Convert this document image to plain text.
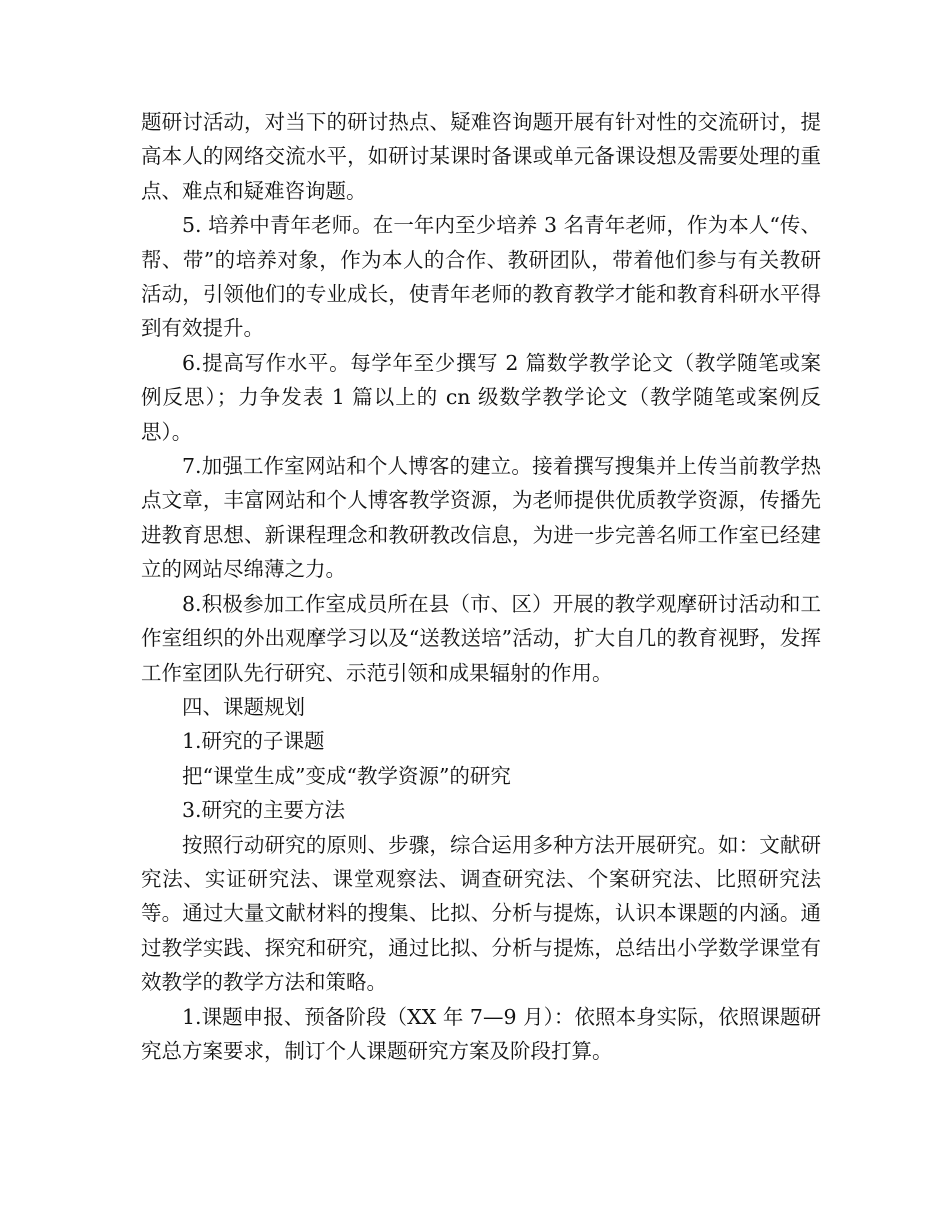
题研讨活动，对当下的研讨热点、疑难咨询题开展有针对性的交流研讨，提高本人的网络交流水平，如研讨某课时备课或单元备课设想及需要处理的重点、难点和疑难咨询题。

5. 培养中青年老师。在一年内至少培养 3 名青年老师，作为本人“传、帮、带”的培养对象，作为本人的合作、教研团队，带着他们参与有关教研活动，引领他们的专业成长，使青年老师的教育教学才能和教育科研水平得到有效提升。

6.提高写作水平。每学年至少撰写 2 篇数学教学论文（教学随笔或案例反思）；力争发表 1 篇以上的 cn 级数学教学论文（教学随笔或案例反思）。

7.加强工作室网站和个人博客的建立。接着撰写搜集并上传当前教学热点文章，丰富网站和个人博客教学资源，为老师提供优质教学资源，传播先进教育思想、新课程理念和教研教改信息，为进一步完善名师工作室已经建立的网站尽绵薄之力。

8.积极参加工作室成员所在县（市、区）开展的教学观摩研讨活动和工作室组织的外出观摩学习以及“送教送培”活动，扩大自几的教育视野，发挥工作室团队先行研究、示范引领和成果辐射的作用。

四、课题规划

1.研究的子课题

把“课堂生成”变成“教学资源”的研究

3.研究的主要方法

按照行动研究的原则、步骤，综合运用多种方法开展研究。如：文献研究法、实证研究法、课堂观察法、调查研究法、个案研究法、比照研究法等。通过大量文献材料的搜集、比拟、分析与提炼，认识本课题的内涵。通过教学实践、探究和研究，通过比拟、分析与提炼，总结出小学数学课堂有效教学的教学方法和策略。

1.课题申报、预备阶段（XX 年 7—9 月）：依照本身实际，依照课题研究总方案要求，制订个人课题研究方案及阶段打算。
